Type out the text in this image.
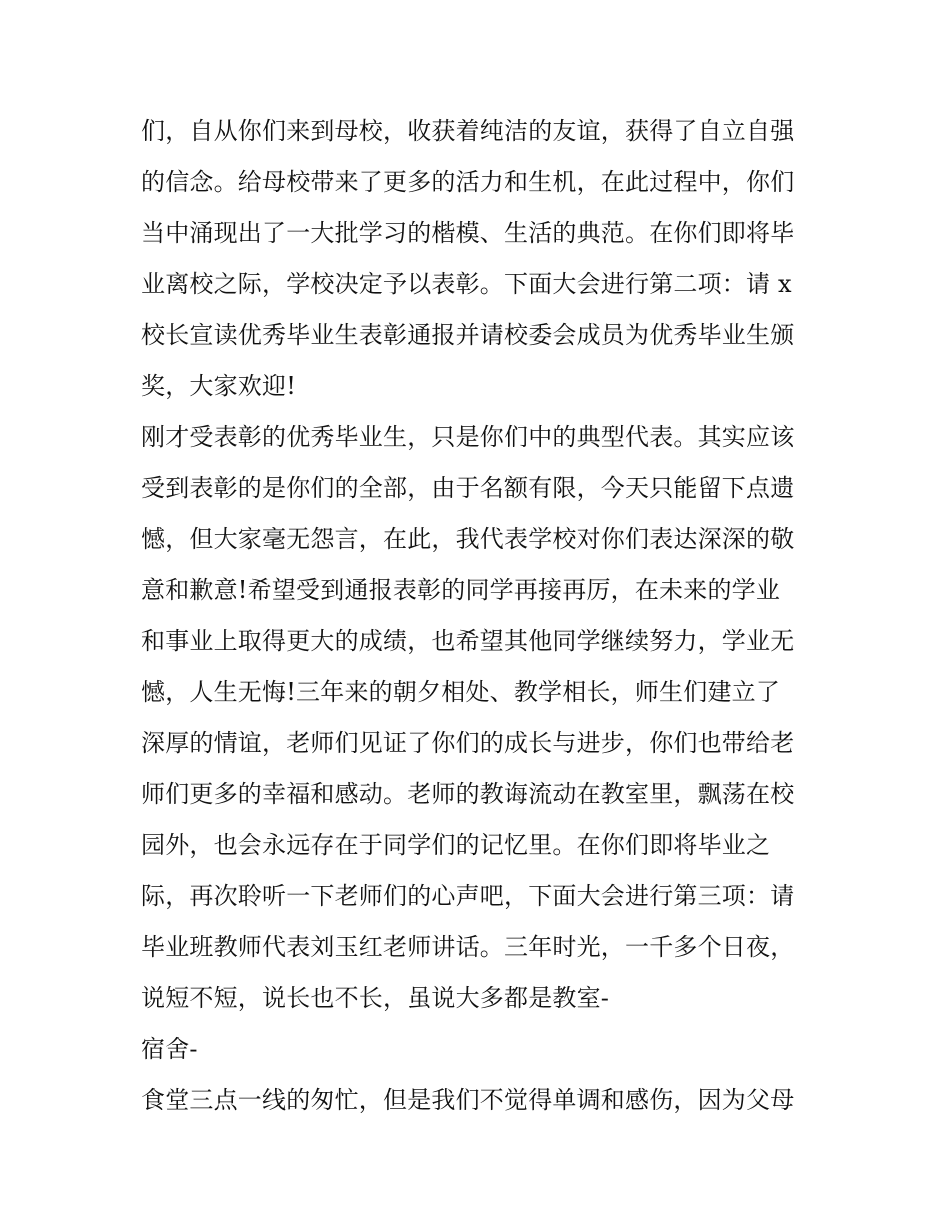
们，自从你们来到母校，收获着纯洁的友谊，获得了自立自强
的信念。给母校带来了更多的活力和生机，在此过程中，你们
当中涌现出了一大批学习的楷模、生活的典范。在你们即将毕
业离校之际，学校决定予以表彰。下面大会进行第二项：请 x
校长宣读优秀毕业生表彰通报并请校委会成员为优秀毕业生颁
奖，大家欢迎!
刚才受表彰的优秀毕业生，只是你们中的典型代表。其实应该
受到表彰的是你们的全部，由于名额有限，今天只能留下点遗
憾，但大家毫无怨言，在此，我代表学校对你们表达深深的敬
意和歉意!希望受到通报表彰的同学再接再厉，在未来的学业
和事业上取得更大的成绩，也希望其他同学继续努力，学业无
憾，人生无悔!三年来的朝夕相处、教学相长，师生们建立了
深厚的情谊，老师们见证了你们的成长与进步，你们也带给老
师们更多的幸福和感动。老师的教诲流动在教室里，飘荡在校
园外，也会永远存在于同学们的记忆里。在你们即将毕业之
际，再次聆听一下老师们的心声吧，下面大会进行第三项：请
毕业班教师代表刘玉红老师讲话。三年时光，一千多个日夜，
说短不短，说长也不长，虽说大多都是教室-
宿舍-
食堂三点一线的匆忙，但是我们不觉得单调和感伤，因为父母
